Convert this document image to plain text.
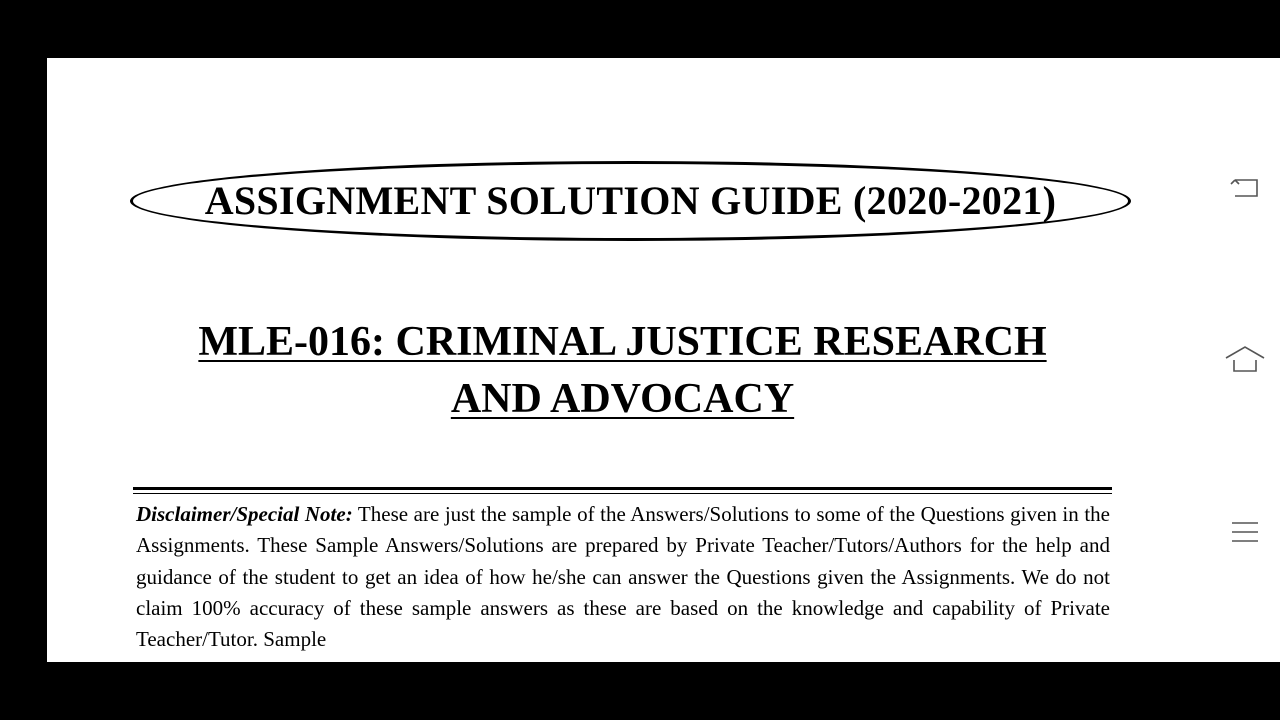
ASSIGNMENT SOLUTION GUIDE (2020-2021)
MLE-016: CRIMINAL JUSTICE RESEARCH
AND ADVOCACY
Disclaimer/Special Note: These are just the sample of the Answers/Solutions to some of the Questions given in the Assignments. These Sample Answers/Solutions are prepared by Private Teacher/Tutors/Authors for the help and guidance of the student to get an idea of how he/she can answer the Questions given the Assignments. We do not claim 100% accuracy of these sample answers as these are based on the knowledge and capability of Private Teacher/Tutor. Sample
